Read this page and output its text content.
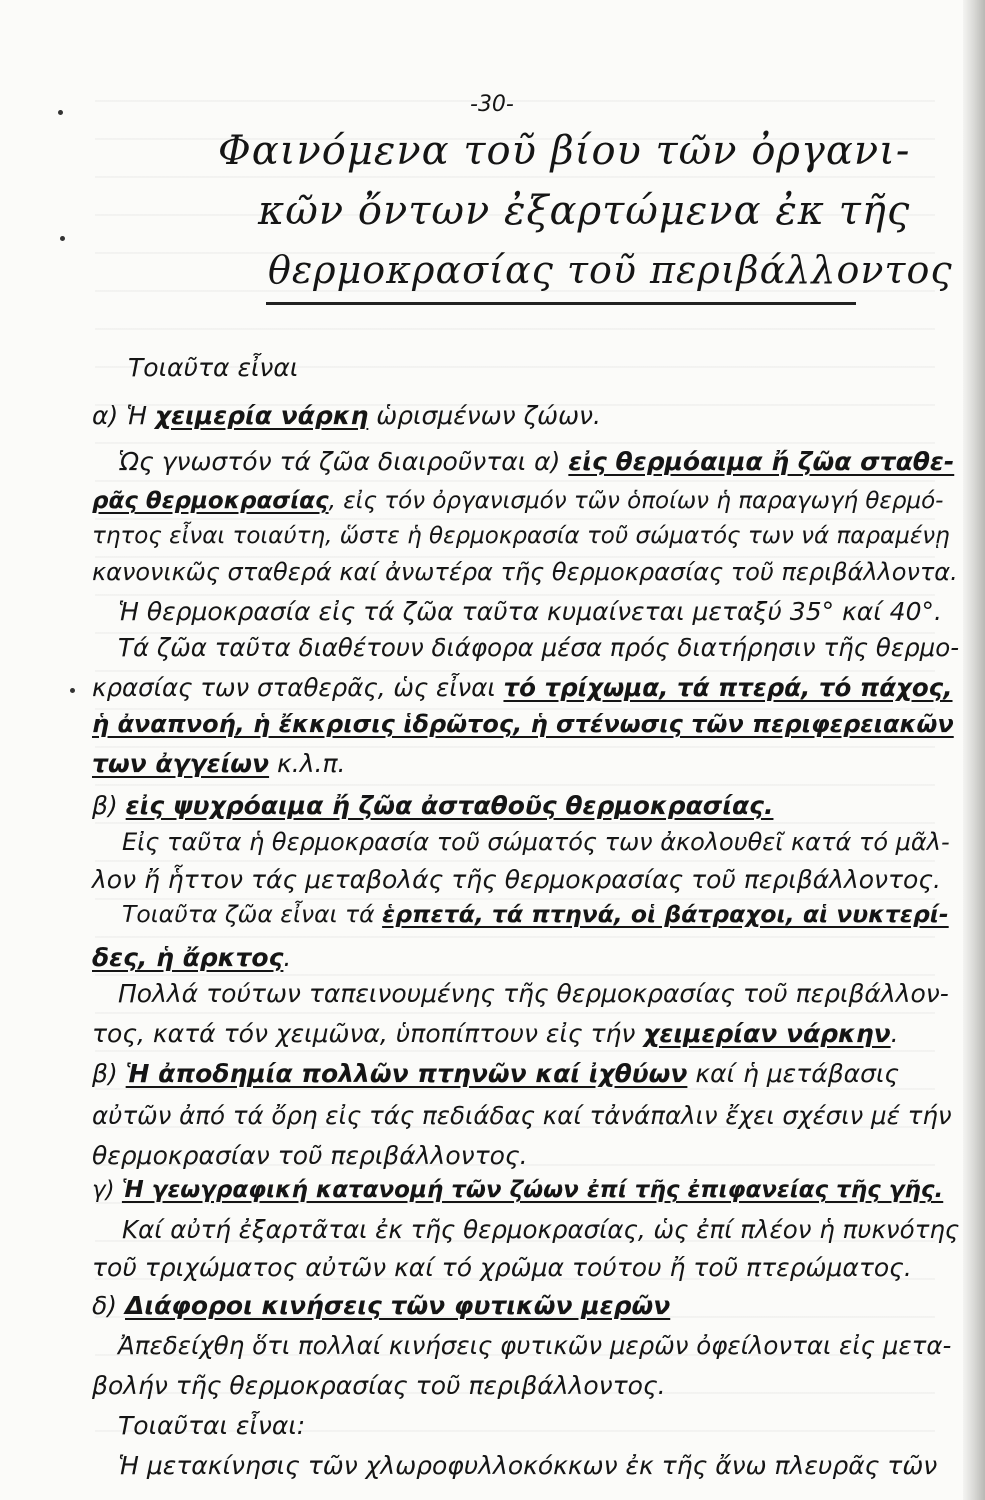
-30-
Φαινόμενα τοῦ βίου τῶν ὀργανι-
κῶν ὄντων ἐξαρτώμενα ἐκ τῆς
θερμοκρασίας τοῦ περιβάλλοντος
Τοιαῦτα εἶναι
α) Ἡ χειμερία νάρκη ὡρισμένων ζώων.
Ὡς γνωστόν τά ζῶα διαιροῦνται α) εἰς θερμόαιμα ἤ ζῶα σταθε-
ρᾶς θερμοκρασίας, εἰς τόν ὀργανισμόν τῶν ὁποίων ἡ παραγωγή θερμό-
τητος εἶναι τοιαύτη, ὥστε ἡ θερμοκρασία τοῦ σώματός των νά παραμένῃ
κανονικῶς σταθερά καί ἀνωτέρα τῆς θερμοκρασίας τοῦ περιβάλλοντα.
Ἡ θερμοκρασία εἰς τά ζῶα ταῦτα κυμαίνεται μεταξύ 35° καί 40°.
Τά ζῶα ταῦτα διαθέτουν διάφορα μέσα πρός διατήρησιν τῆς θερμο-
κρασίας των σταθερᾶς, ὡς εἶναι τό τρίχωμα, τά πτερά, τό πάχος,
ἡ ἀναπνοή, ἡ ἔκκρισις ἱδρῶτος, ἡ στένωσις τῶν περιφερειακῶν
των ἀγγείων κ.λ.π.
β) εἰς ψυχρόαιμα ἤ ζῶα ἀσταθοῦς θερμοκρασίας.
Εἰς ταῦτα ἡ θερμοκρασία τοῦ σώματός των ἀκολουθεῖ κατά τό μᾶλ-
λον ἤ ἧττον τάς μεταβολάς τῆς θερμοκρασίας τοῦ περιβάλλοντος.
Τοιαῦτα ζῶα εἶναι τά ἑρπετά, τά πτηνά, οἱ βάτραχοι, αἱ νυκτερί-
δες, ἡ ἄρκτος.
Πολλά τούτων ταπεινουμένης τῆς θερμοκρασίας τοῦ περιβάλλον-
τος, κατά τόν χειμῶνα, ὑποπίπτουν εἰς τήν χειμερίαν νάρκην.
β) Ἡ ἀποδημία πολλῶν πτηνῶν καί ἰχθύων καί ἡ μετάβασις
αὐτῶν ἀπό τά ὄρη εἰς τάς πεδιάδας καί τἀνάπαλιν ἔχει σχέσιν μέ τήν
θερμοκρασίαν τοῦ περιβάλλοντος.
γ) Ἡ γεωγραφική κατανομή τῶν ζώων ἐπί τῆς ἐπιφανείας τῆς γῆς.
Καί αὐτή ἐξαρτᾶται ἐκ τῆς θερμοκρασίας, ὡς ἐπί πλέον ἡ πυκνότης
τοῦ τριχώματος αὐτῶν καί τό χρῶμα τούτου ἤ τοῦ πτερώματος.
δ) Διάφοροι κινήσεις τῶν φυτικῶν μερῶν
Ἀπεδείχθη ὅτι πολλαί κινήσεις φυτικῶν μερῶν ὀφείλονται εἰς μετα-
βολήν τῆς θερμοκρασίας τοῦ περιβάλλοντος.
Τοιαῦται εἶναι:
Ἡ μετακίνησις τῶν χλωροφυλλοκόκκων ἐκ τῆς ἄνω πλευρᾶς τῶν
